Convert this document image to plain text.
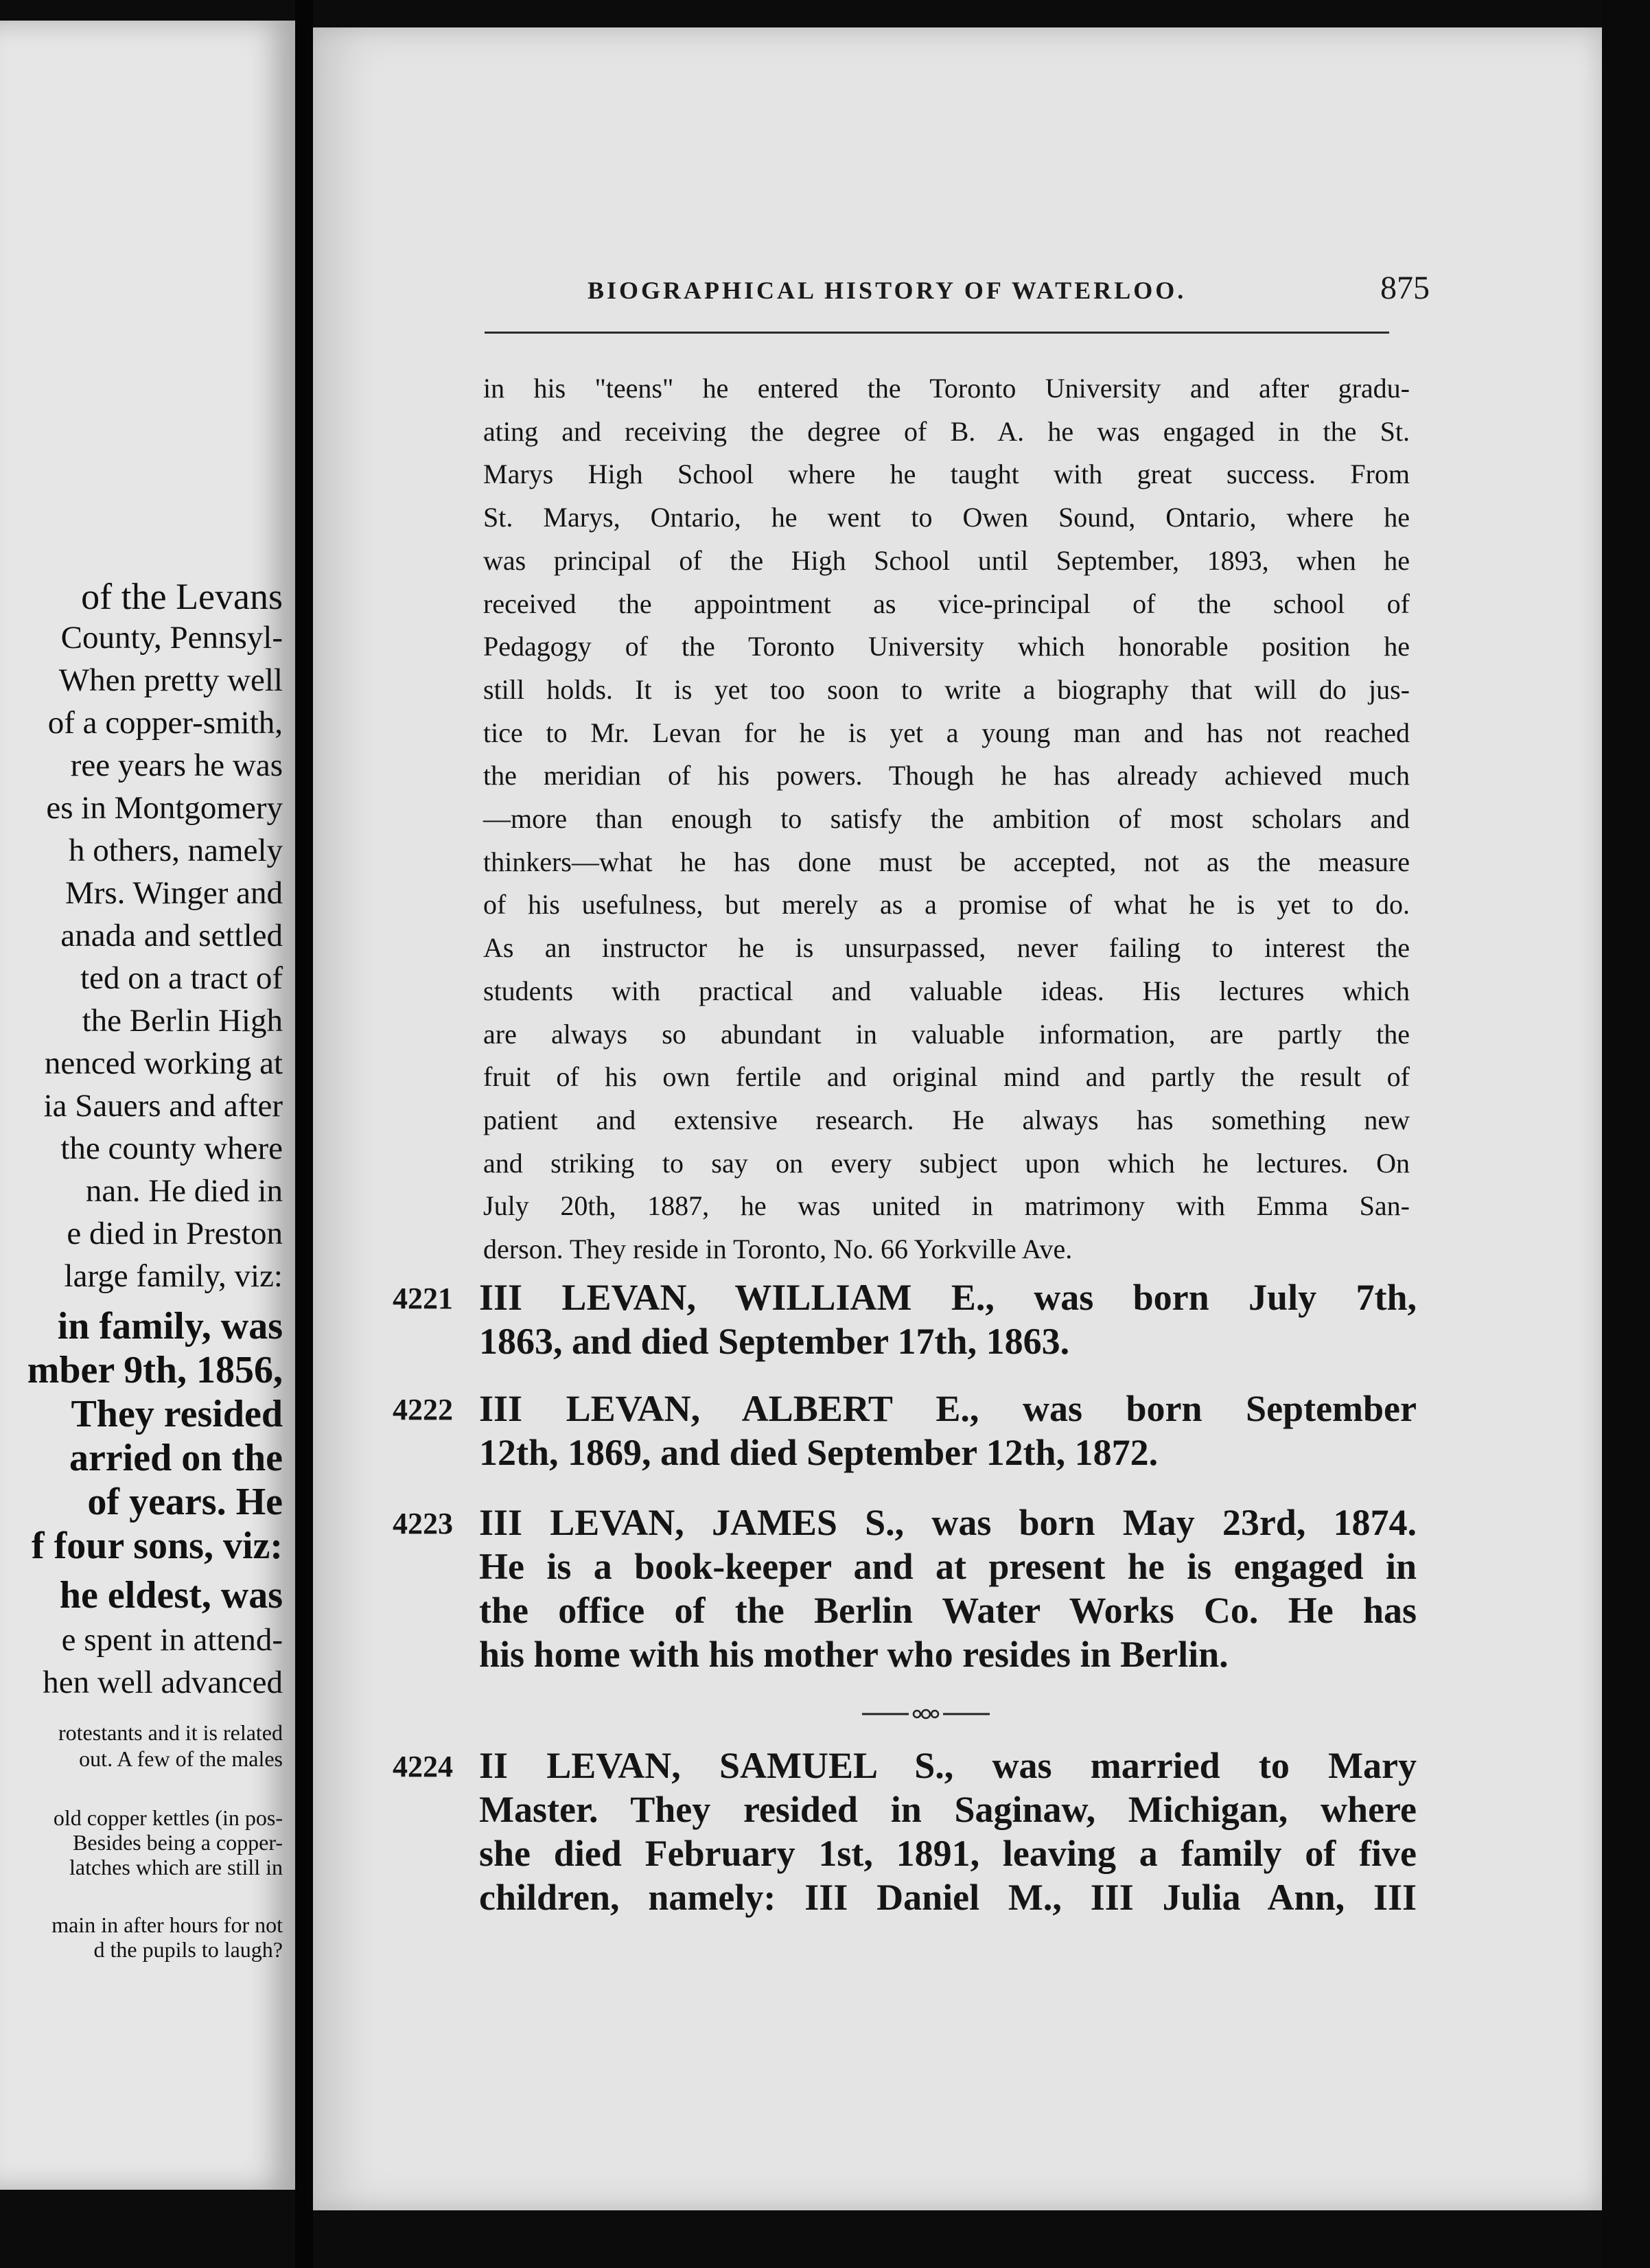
of the Levans
County, Pennsyl-
When pretty well
of a copper-smith,
ree years he was
es in Montgomery
h others, namely
Mrs. Winger and
anada and settled
ted on a tract of
the Berlin High
nenced working at
ia Sauers and after
the county where
nan. He died in
e died in Preston
large family, viz:
in family, was
mber 9th, 1856,
They resided
arried on the
of years. He
f four sons, viz:
he eldest, was
e spent in attend-
hen well advanced
rotestants and it is related
out. A few of the males
old copper kettles (in pos-
Besides being a copper-
latches which are still in
main in after hours for not
d the pupils to laugh?
BIOGRAPHICAL HISTORY OF WATERLOO.	875

in his "teens" he entered the Toronto University and after gradu-

ating and receiving the degree of B. A. he was engaged in the St.

Marys High School where he taught with great success. From

St. Marys, Ontario, he went to Owen Sound, Ontario, where he

was principal of the High School until September, 1893, when he

received the appointment as vice-principal of the school of

Pedagogy of the Toronto University which honorable position he

still holds. It is yet too soon to write a biography that will do jus-

tice to Mr. Levan for he is yet a young man and has not reached

the meridian of his powers. Though he has already achieved much

—more than enough to satisfy the ambition of most scholars and

thinkers—what he has done must be accepted, not as the measure

of his usefulness, but merely as a promise of what he is yet to do.

As an instructor he is unsurpassed, never failing to interest the

students with practical and valuable ideas. His lectures which

are always so abundant in valuable information, are partly the

fruit of his own fertile and original mind and partly the result of

patient and extensive research. He always has something new

and striking to say on every subject upon which he lectures. On

July 20th, 1887, he was united in matrimony with Emma San-

derson. They reside in Toronto, No. 66 Yorkville Ave.

4221 III LEVAN, WILLIAM E., was born July 7th,

1863, and died September 17th, 1863.

4222 III LEVAN, ALBERT E., was born September

12th, 1869, and died September 12th, 1872.

4223 III LEVAN, JAMES S., was born May 23rd, 1874.

He is a book-keeper and at present he is engaged in

the office of the Berlin Water Works Co. He has

his home with his mother who resides in Berlin.

4224 II LEVAN, SAMUEL S., was married to Mary

Master. They resided in Saginaw, Michigan, where

she died February 1st, 1891, leaving a family of five

children, namely: III Daniel M., III Julia Ann, III
